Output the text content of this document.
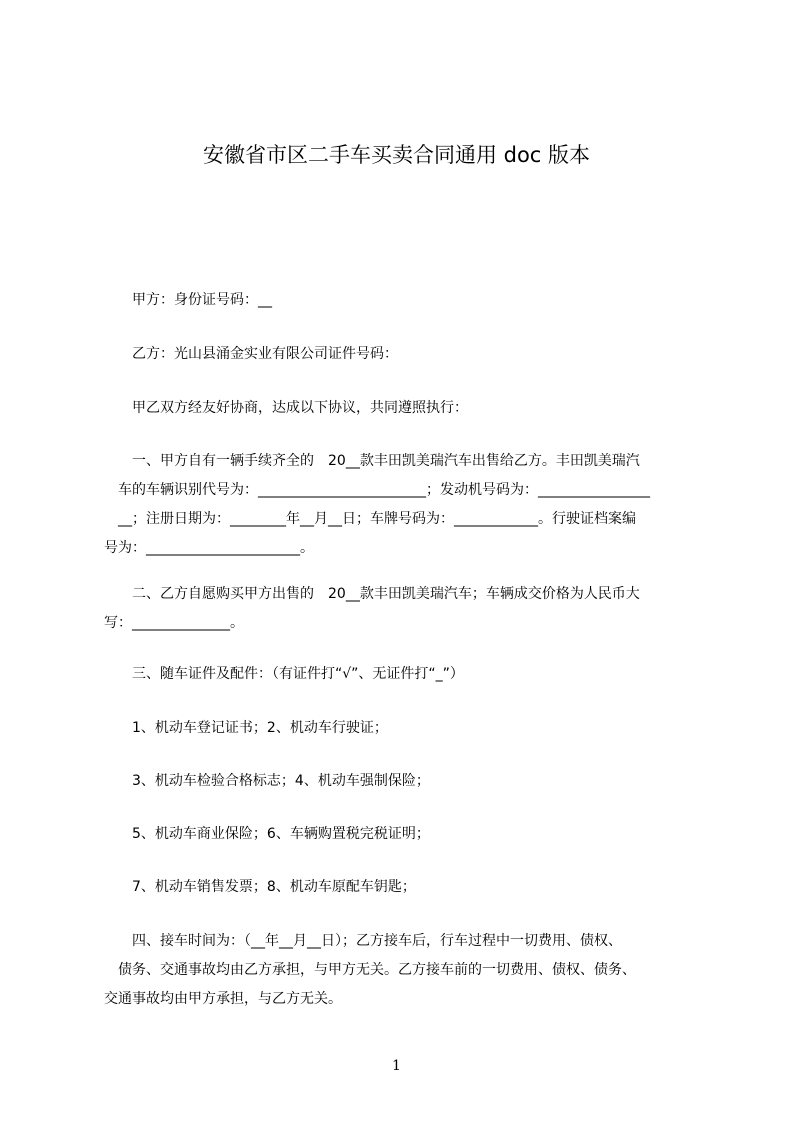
安徽省市区二手车买卖合同通用 doc 版本

　　甲方：身份证号码：__

　　乙方：光山县涌金实业有限公司证件号码：

　　甲乙双方经友好协商，达成以下协议，共同遵照执行：

　　一、甲方自有一辆手续齐全的　20__款丰田凯美瑞汽车出售给乙方。丰田凯美瑞汽
　车的车辆识别代号为：________________________；发动机号码为：________________
　__；注册日期为：________年__月__日；车牌号码为：____________。行驶证档案编
号为：______________________。

　　二、乙方自愿购买甲方出售的　20__款丰田凯美瑞汽车；车辆成交价格为人民币大
写：______________。

　　三、随车证件及配件：（有证件打“√”、无证件打“_”）

　　1、机动车登记证书；2、机动车行驶证；

　　3、机动车检验合格标志；4、机动车强制保险；

　　5、机动车商业保险；6、车辆购置税完税证明；

　　7、机动车销售发票；8、机动车原配车钥匙；

　　四、接车时间为：（__年__月__日）；乙方接车后，行车过程中一切费用、债权、
　债务、交通事故均由乙方承担，与甲方无关。乙方接车前的一切费用、债权、债务、
交通事故均由甲方承担，与乙方无关。

1
